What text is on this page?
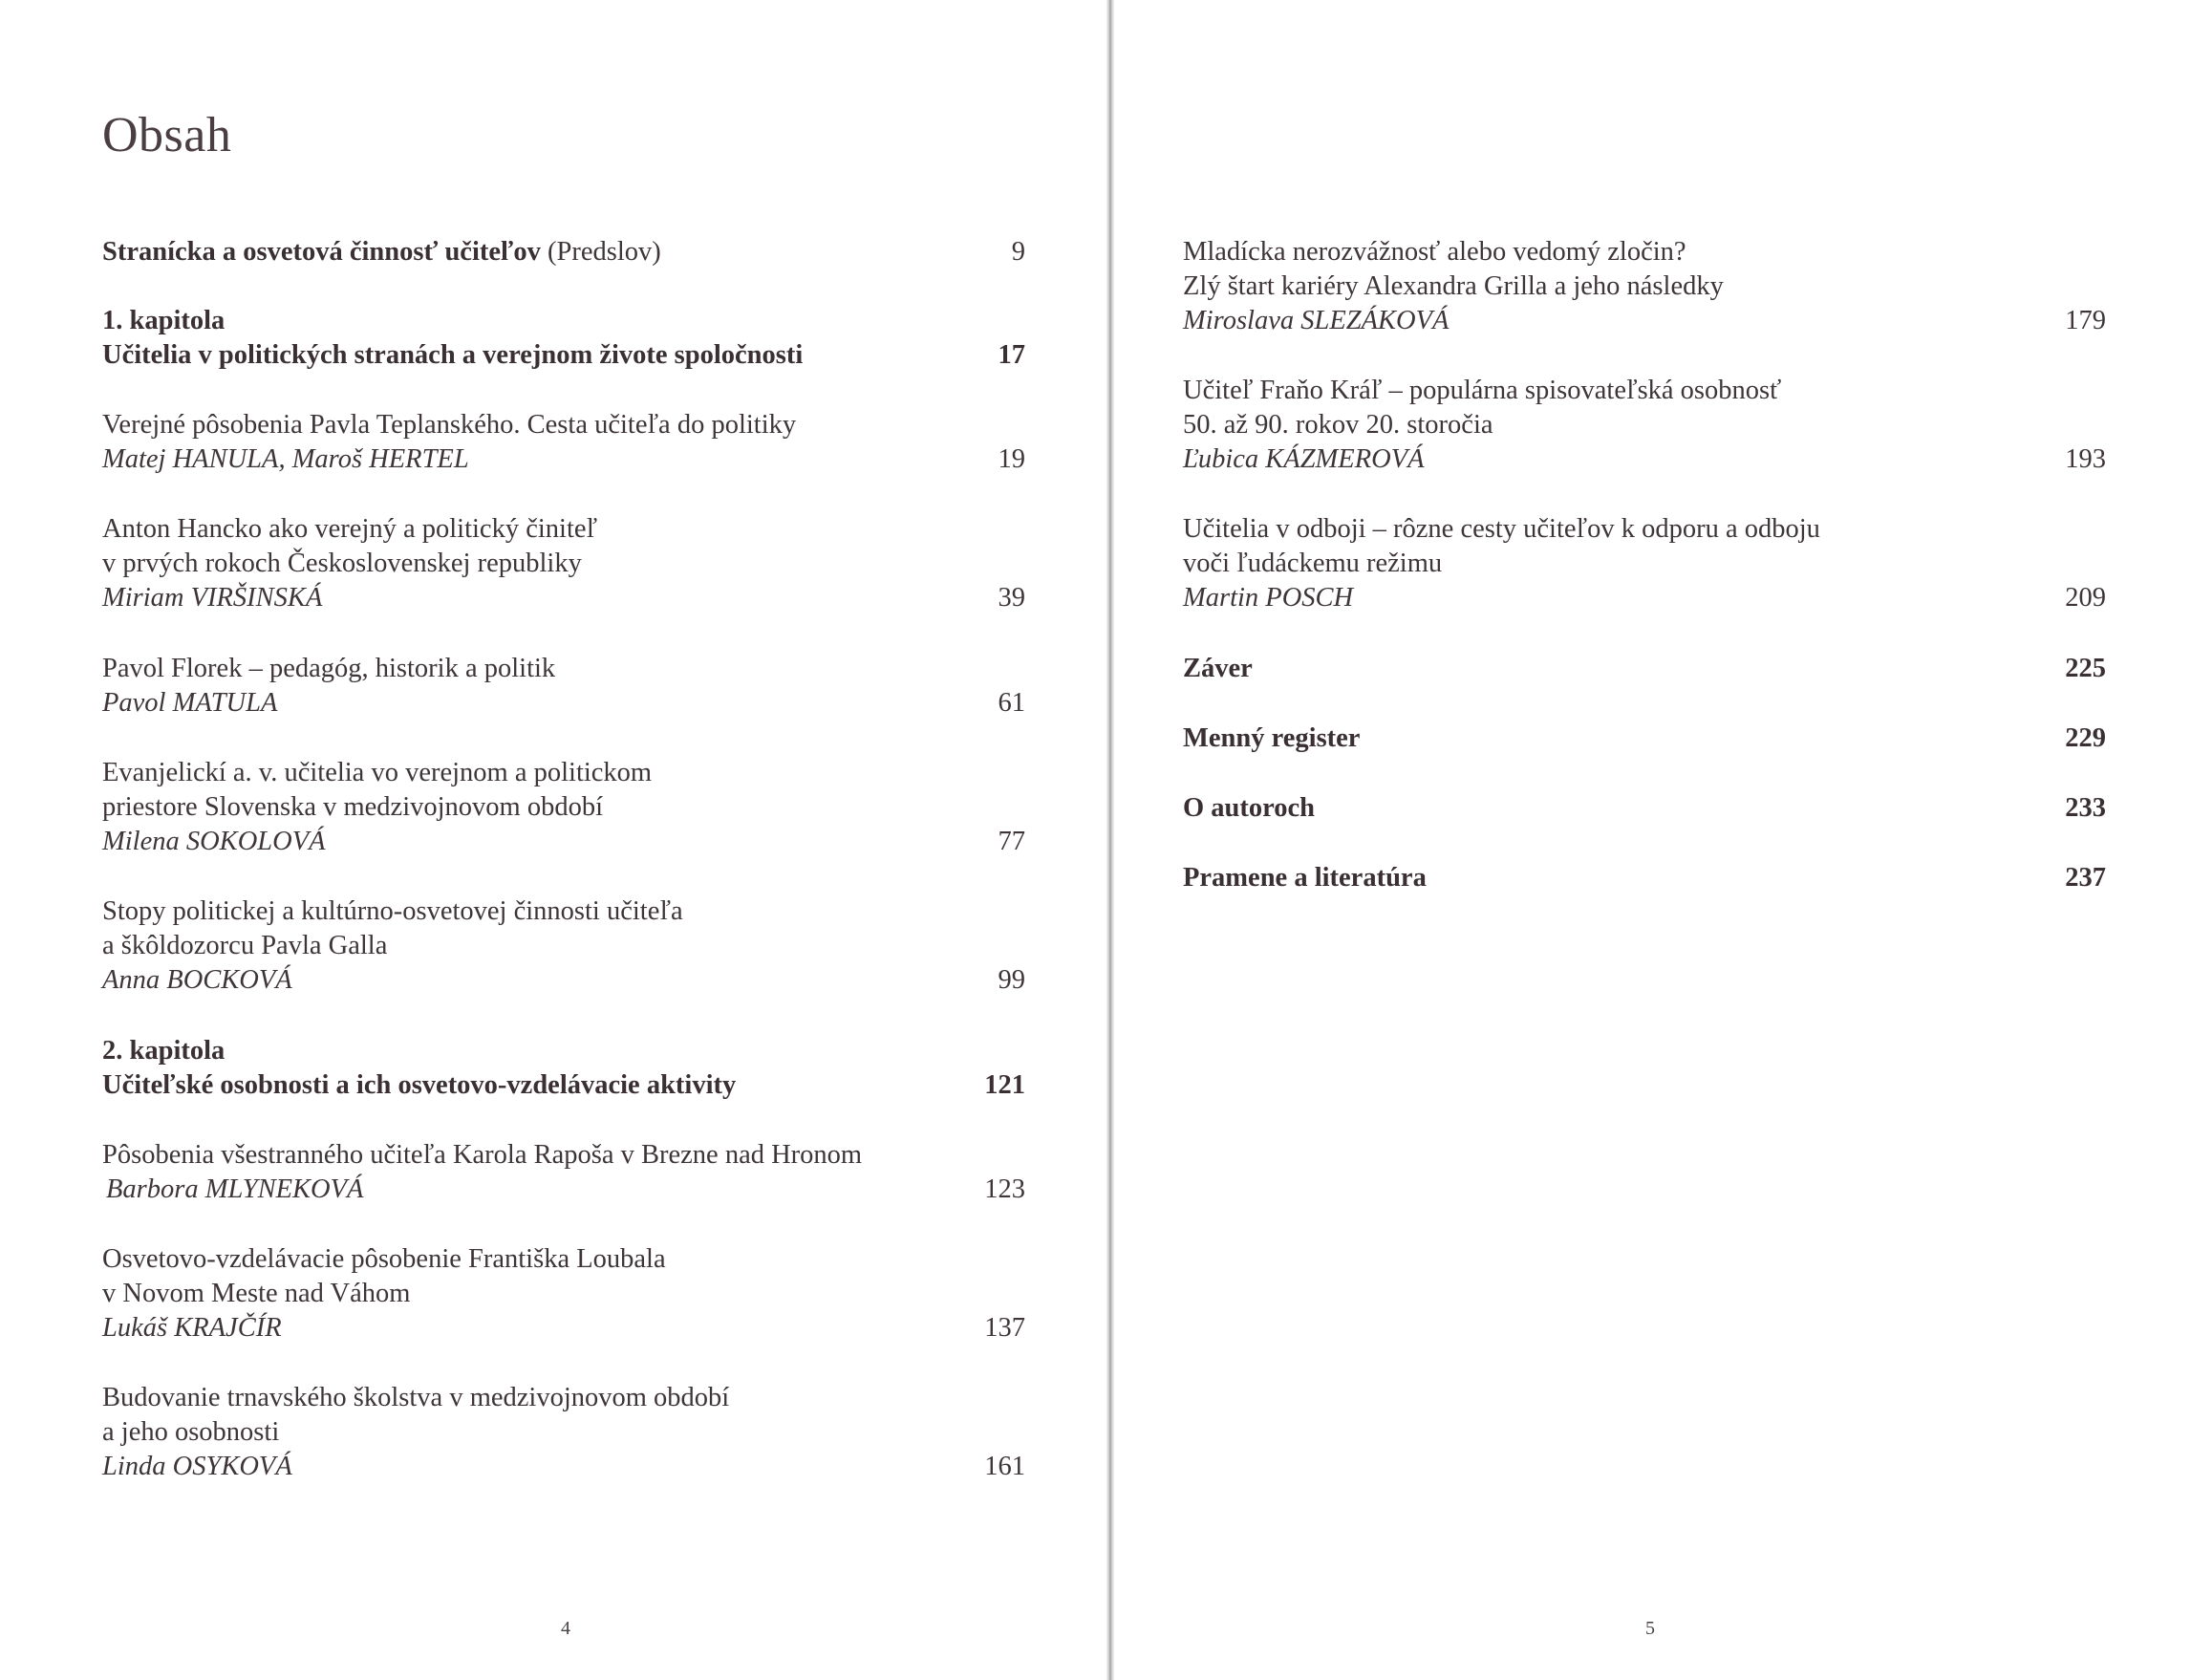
Obsah
Stranícka a osvetová činnosť učiteľov (Predslov)	9
1. kapitola
Učitelia v politických stranách a verejnom živote spoločnosti	17
Verejné pôsobenia Pavla Teplanského. Cesta učiteľa do politiky
Matej HANULA, Maroš HERTEL	19
Anton Hancko ako verejný a politický činiteľ
v prvých rokoch Československej republiky
Miriam VIRŠINSKÁ	39
Pavol Florek – pedagóg, historik a politik
Pavol MATULA	61
Evanjelickí a. v. učitelia vo verejnom a politickom
priestore Slovenska v medzivojnovom období
Milena SOKOLOVÁ	77
Stopy politickej a kultúrno-osvetovej činnosti učiteľa
a škôldozorcu Pavla Galla
Anna BOCKOVÁ	99
2. kapitola
Učiteľské osobnosti a ich osvetovo-vzdelávacie aktivity	121
Pôsobenia všestranného učiteľa Karola Rapoša v Brezne nad Hronom
Barbora MLYNEKOVÁ	123
Osvetovo-vzdelávacie pôsobenie Františka Loubala
v Novom Meste nad Váhom
Lukáš KRAJČÍR	137
Budovanie trnavského školstva v medzivojnovom období
a jeho osobnosti
Linda OSYKOVÁ	161
4	5
Mladícka nerozvážnosť alebo vedomý zločin?
Zlý štart kariéry Alexandra Grilla a jeho následky
Miroslava SLEZÁKOVÁ	179
Učiteľ Fraňo Kráľ – populárna spisovateľská osobnosť
50. až 90. rokov 20. storočia
Ľubica KÁZMEROVÁ	193
Učitelia v odboji – rôzne cesty učiteľov k odporu a odboju
voči ľudáckemu režimu
Martin POSCH	209
Záver	225
Menný register	229
O autoroch	233
Pramene a literatúra	237
